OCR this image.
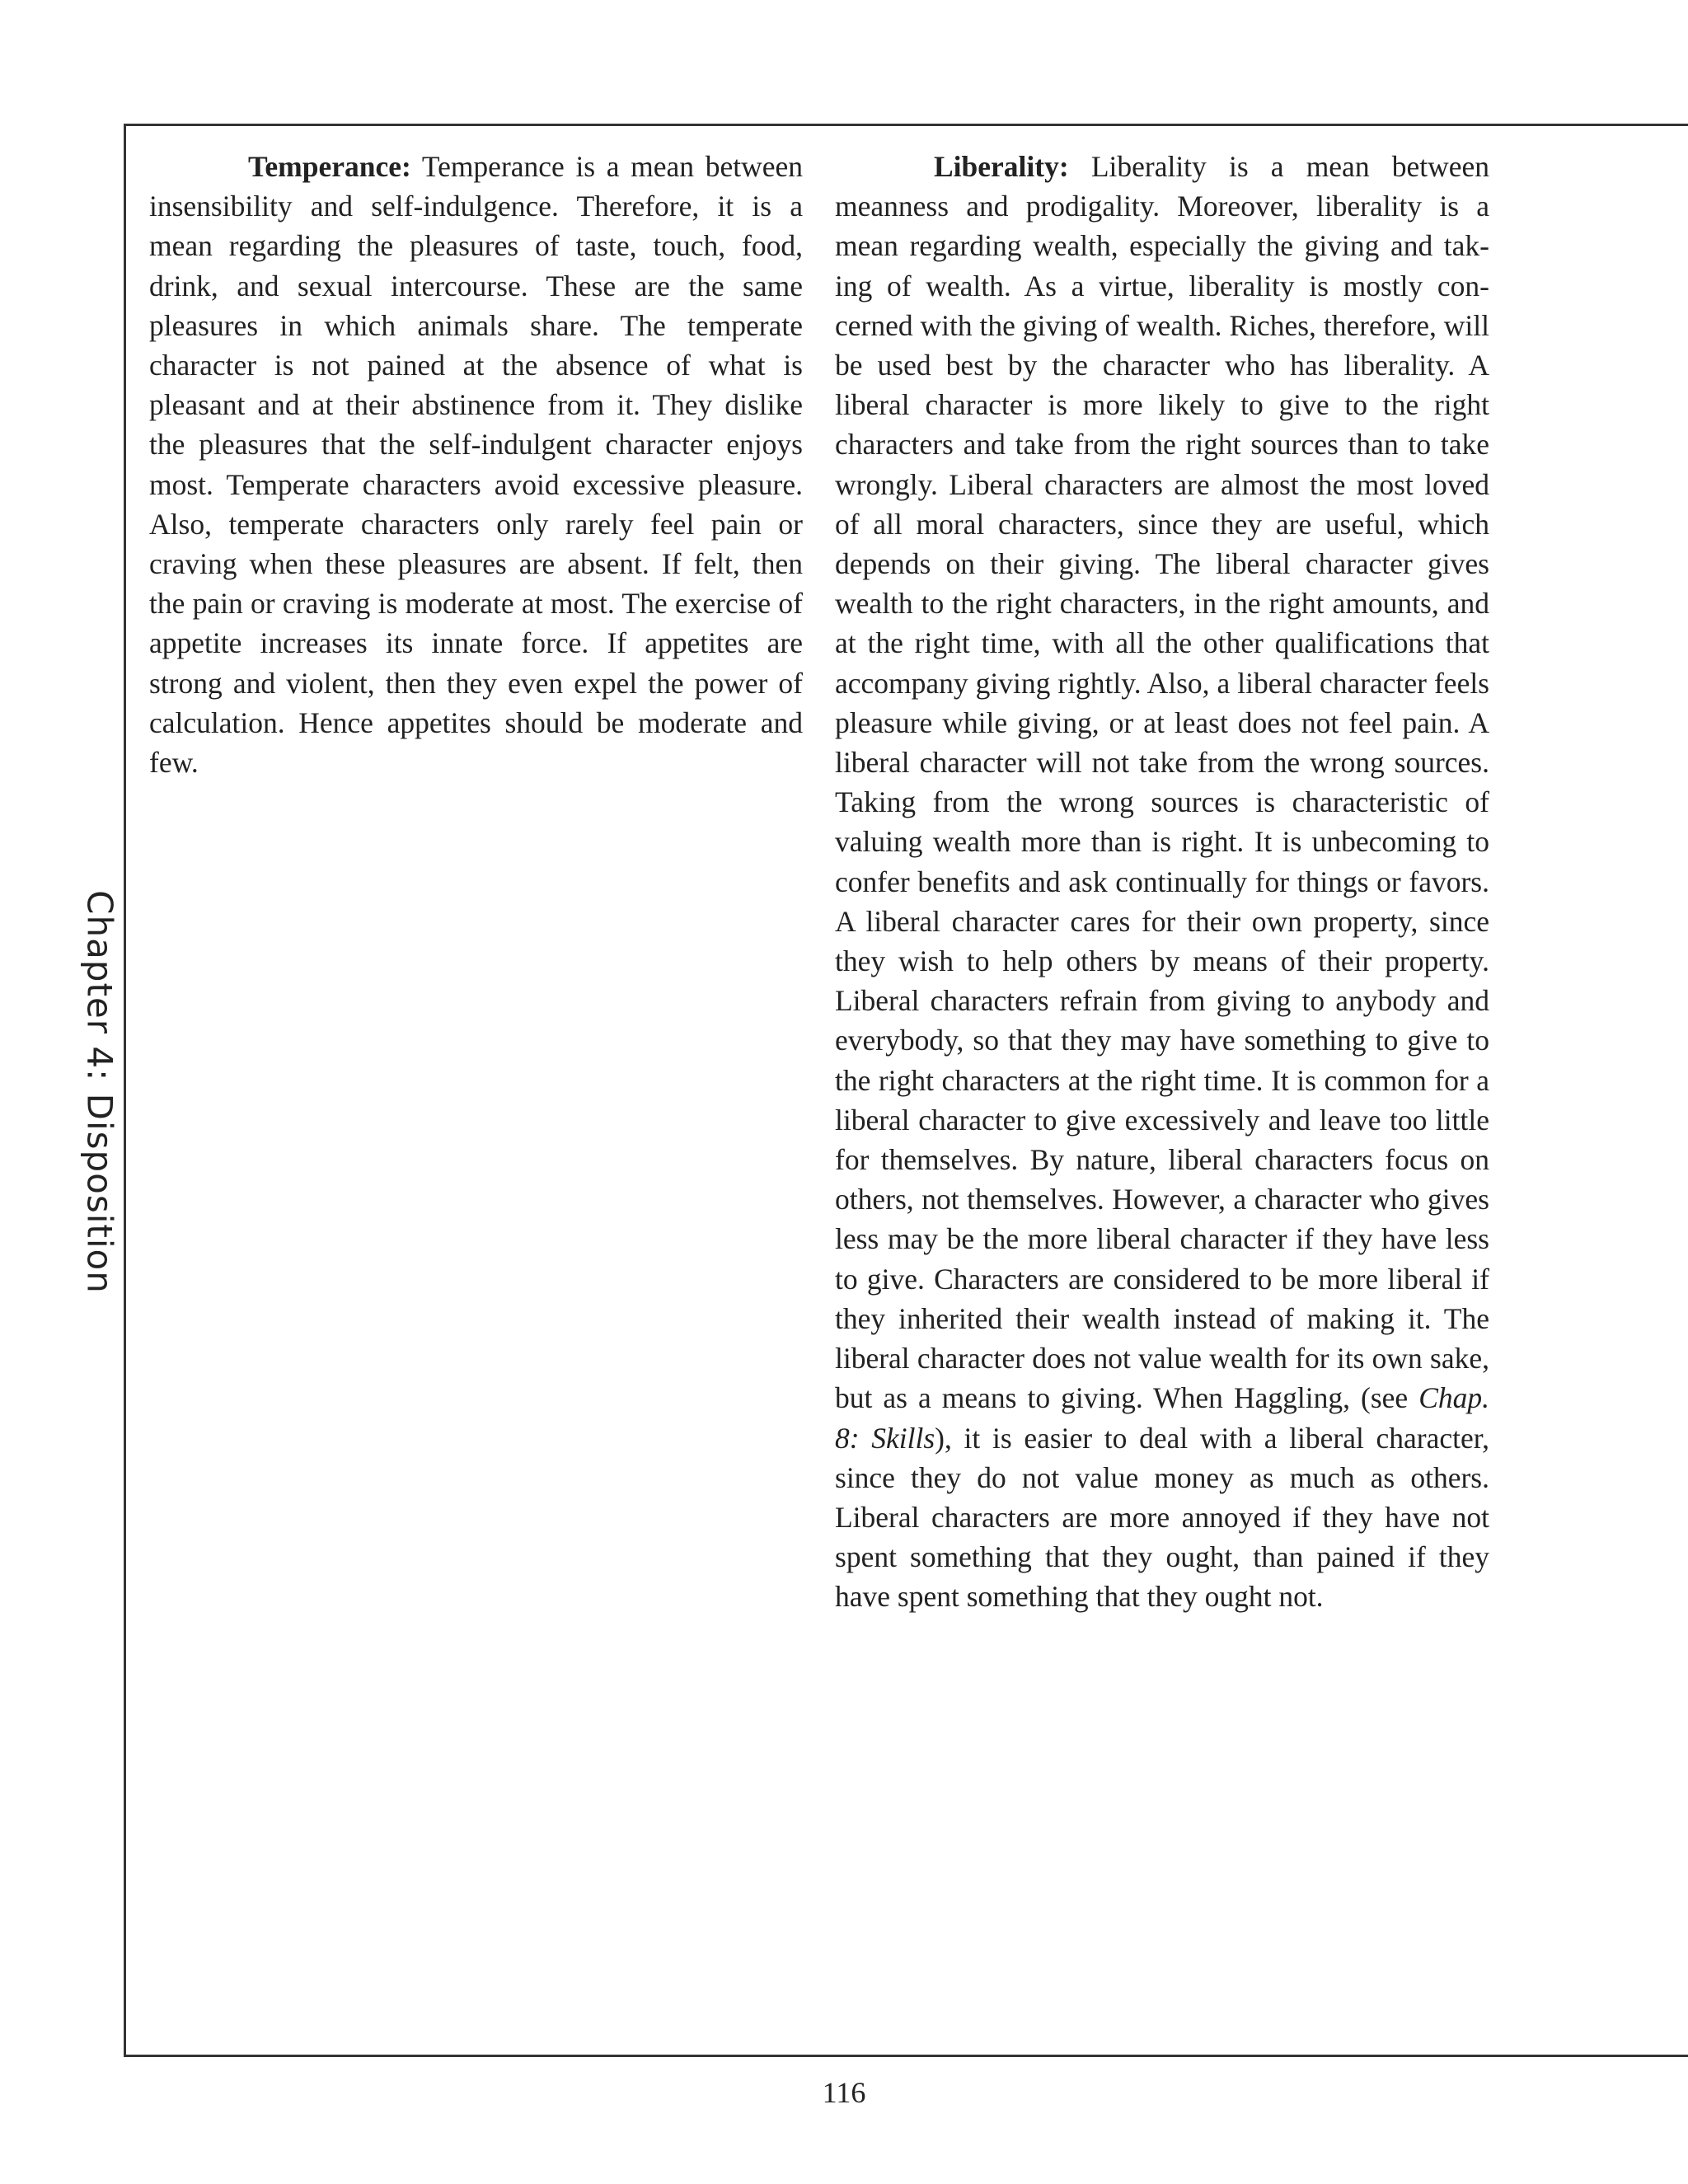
Chapter 4: Disposition

Temperance: Temperance is a mean between insensibility and self-indulgence. Therefore, it is a mean regarding the pleasures of taste, touch, food, drink, and sexual intercourse. These are the same pleasures in which animals share. The temperate character is not pained at the absence of what is pleasant and at their abstinence from it. They dislike the pleasures that the self-indulgent character enjoys most. Temperate characters avoid excessive pleasure. Also, temperate characters only rarely feel pain or craving when these pleasures are absent. If felt, then the pain or craving is moderate at most. The exercise of appetite increases its innate force. If appetites are strong and violent, then they even expel the power of calculation. Hence appetites should be moderate and few.

Liberality: Liberality is a mean between meanness and prodigality. Moreover, liberality is a mean regarding wealth, especially the giving and taking of wealth. As a virtue, liberality is mostly concerned with the giving of wealth. Riches, therefore, will be used best by the character who has liberality. A liberal character is more likely to give to the right characters and take from the right sources than to take wrongly. Liberal characters are almost the most loved of all moral characters, since they are useful, which depends on their giving. The liberal character gives wealth to the right characters, in the right amounts, and at the right time, with all the other qualifications that accompany giving rightly. Also, a liberal character feels pleasure while giving, or at least does not feel pain. A liberal character will not take from the wrong sources. Taking from the wrong sources is characteristic of valuing wealth more than is right. It is unbecoming to confer benefits and ask continually for things or favors. A liberal character cares for their own property, since they wish to help others by means of their property. Liberal characters refrain from giving to anybody and everybody, so that they may have something to give to the right characters at the right time. It is common for a liberal character to give excessively and leave too little for themselves. By nature, liberal characters focus on others, not themselves. However, a character who gives less may be the more liberal character if they have less to give. Characters are considered to be more liberal if they inherited their wealth instead of making it. The liberal character does not value wealth for its own sake, but as a means to giving. When Haggling, (see Chap. 8: Skills), it is easier to deal with a liberal character, since they do not value money as much as others. Liberal characters are more annoyed if they have not spent something that they ought, than pained if they have spent something that they ought not.

116
